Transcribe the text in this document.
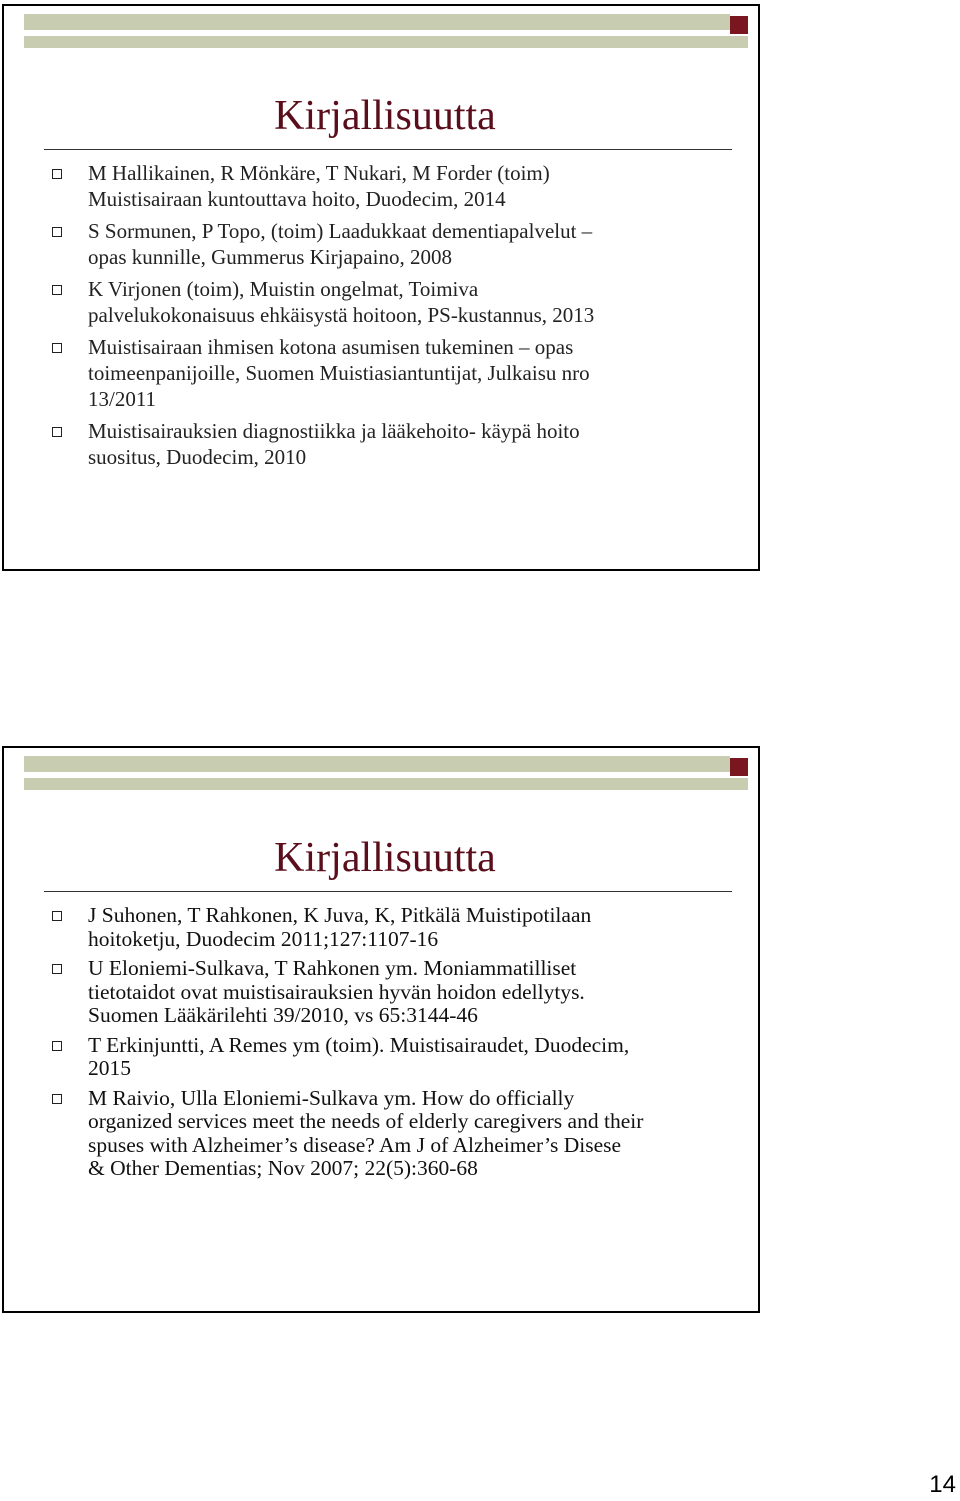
Kirjallisuutta
M Hallikainen, R Mönkäre, T Nukari, M Forder (toim)
Muistisairaan kuntouttava hoito, Duodecim, 2014
S Sormunen, P Topo, (toim) Laadukkaat dementiapalvelut –
opas kunnille, Gummerus Kirjapaino, 2008
K Virjonen (toim), Muistin ongelmat, Toimiva
palvelukokonaisuus ehkäisystä hoitoon, PS-kustannus, 2013
Muistisairaan ihmisen kotona asumisen tukeminen – opas
toimeenpanijoille, Suomen Muistiasiantuntijat, Julkaisu nro
13/2011
Muistisairauksien diagnostiikka ja lääkehoito- käypä hoito
suositus, Duodecim, 2010
Kirjallisuutta
J Suhonen, T Rahkonen, K Juva, K, Pitkälä Muistipotilaan
hoitoketju, Duodecim 2011;127:1107-16
U Eloniemi-Sulkava, T Rahkonen ym. Moniammatilliset
tietotaidot ovat muistisairauksien hyvän hoidon edellytys.
Suomen Lääkärilehti 39/2010, vs 65:3144-46
T Erkinjuntti, A Remes ym (toim). Muistisairaudet, Duodecim,
2015
M Raivio, Ulla Eloniemi-Sulkava ym. How do officially
organized services meet the needs of elderly caregivers and their
spuses with Alzheimer’s disease? Am J of Alzheimer’s Disese
& Other Dementias; Nov 2007; 22(5):360-68
14
